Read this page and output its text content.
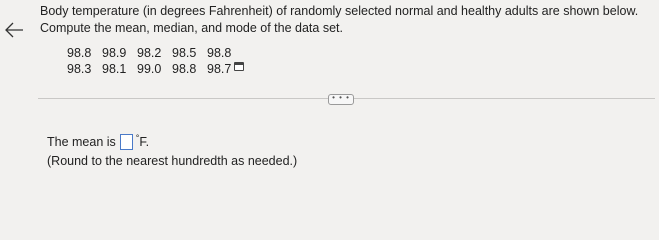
Body temperature (in degrees Fahrenheit) of randomly selected normal and healthy adults are shown below. Compute the mean, median, and mode of the data set.
98.8 98.9 98.2 98.5 98.8
98.3 98.1 99.0 98.8 98.7
• • •
The mean is ° F.
(Round to the nearest hundredth as needed.)
